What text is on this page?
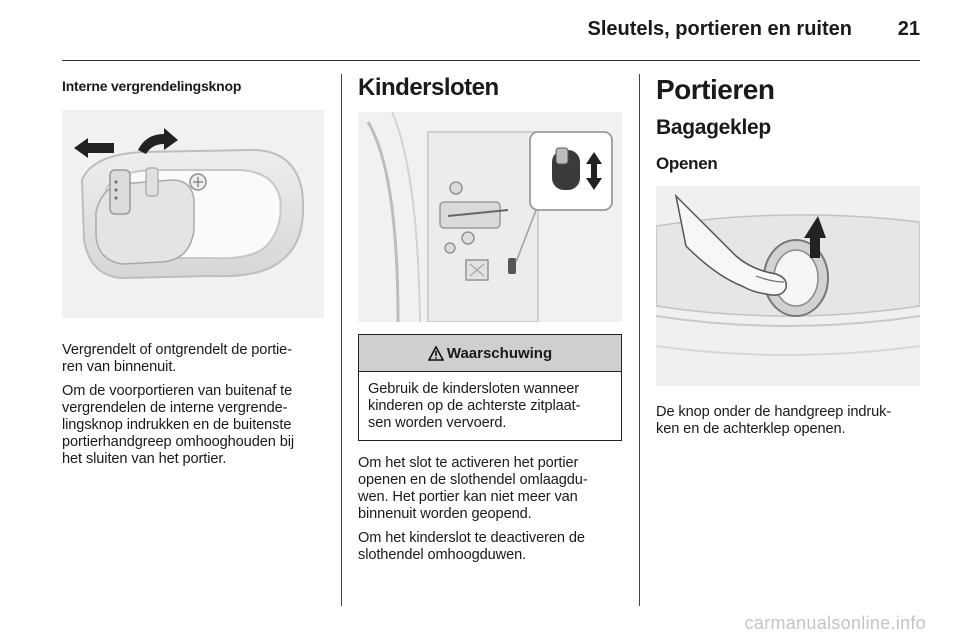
Sleutels, portieren en ruiten 21
Interne vergrendelingsknop

Vergrendelt of ontgrendelt de portie-
ren van binnenuit.

Om de voorportieren van buitenaf te
vergrendelen de interne vergrende-
lingsknop indrukken en de buitenste
portierhandgreep omhooghouden bij
het sluiten van het portier.

Kindersloten
Waarschuwing
Gebruik de kindersloten wanneer
kinderen op de achterste zitplaat-
sen worden vervoerd.

Om het slot te activeren het portier
openen en de slothendel omlaagdu-
wen. Het portier kan niet meer van
binnenuit worden geopend.

Om het kinderslot te deactiveren de
slothendel omhoogduwen.

Portieren
Bagageklep
Openen

De knop onder de handgreep indruk-
ken en de achterklep openen.

carmanualsonline.info
